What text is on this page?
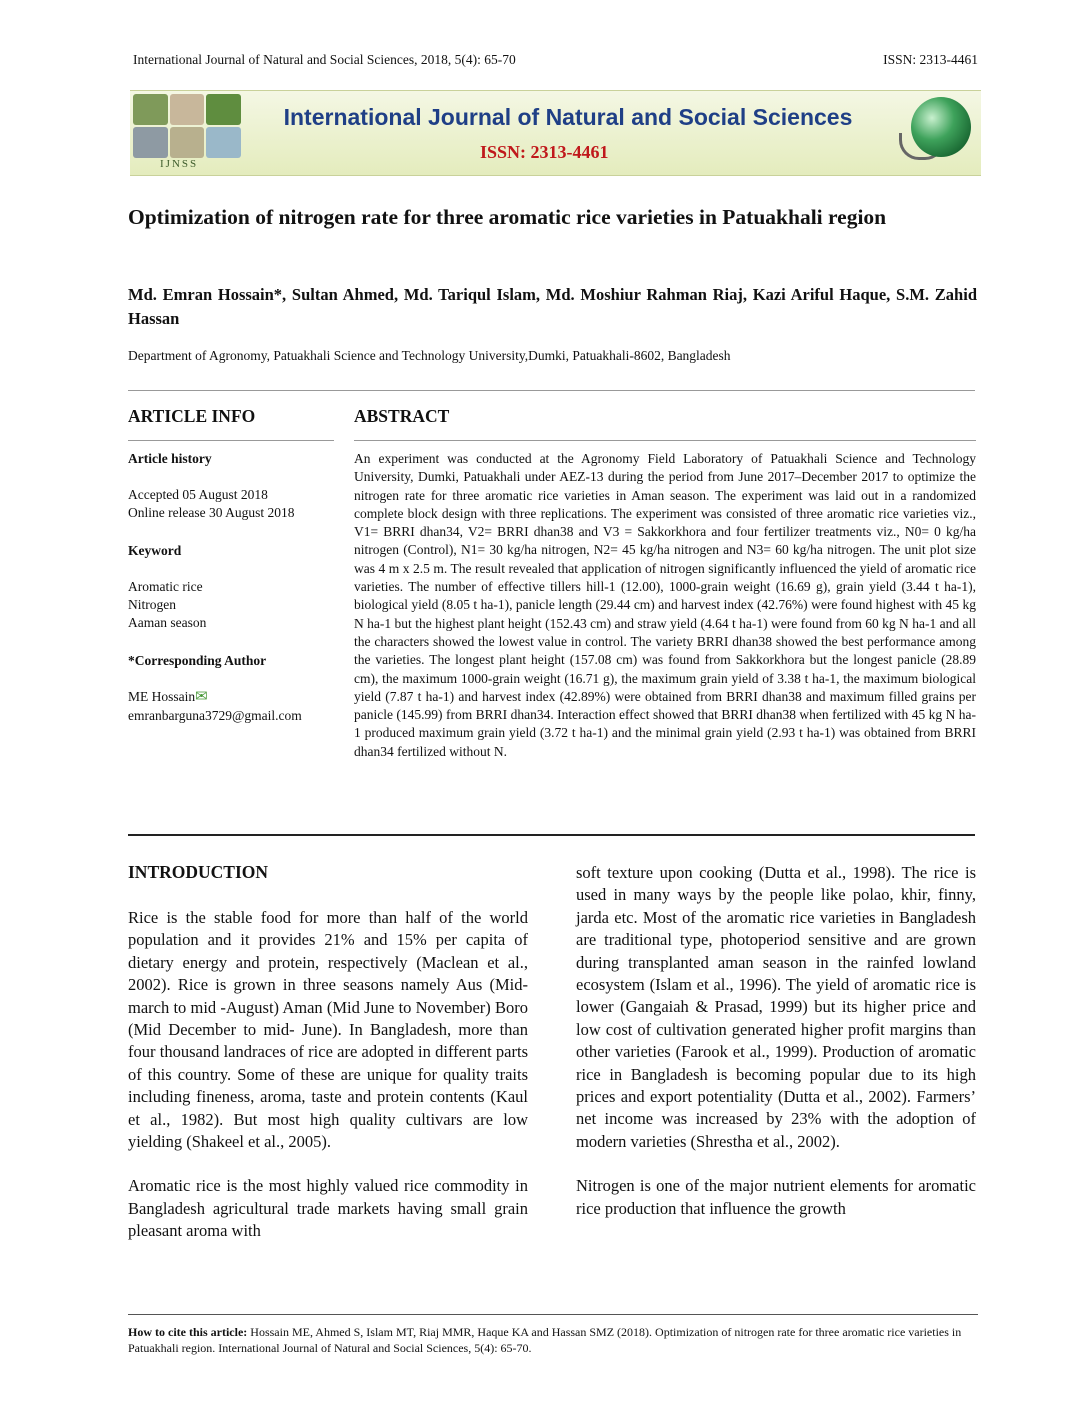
International Journal of Natural and Social Sciences, 2018, 5(4): 65-70	ISSN: 2313-4461
IJNSS
International Journal of Natural and Social Sciences
ISSN: 2313-4461
Optimization of nitrogen rate for three aromatic rice varieties in Patuakhali region
Md. Emran Hossain*, Sultan Ahmed, Md. Tariqul Islam, Md. Moshiur Rahman Riaj, Kazi Ariful Haque, S.M. Zahid Hassan
Department of Agronomy, Patuakhali Science and Technology University,Dumki, Patuakhali-8602, Bangladesh
ARTICLE INFO
Article history
Accepted 05 August 2018
Online release 30 August 2018
Keyword
Aromatic rice
Nitrogen
Aaman season
*Corresponding Author
ME Hossain✉
emranbarguna3729@gmail.com
ABSTRACT
An experiment was conducted at the Agronomy Field Laboratory of Patuakhali Science and Technology University, Dumki, Patuakhali under AEZ-13 during the period from June 2017–December 2017 to optimize the nitrogen rate for three aromatic rice varieties in Aman season. The experiment was laid out in a randomized complete block design with three replications. The experiment was consisted of three aromatic rice varieties viz., V1= BRRI dhan34, V2= BRRI dhan38 and V3 = Sakkorkhora and four fertilizer treatments viz., N0= 0 kg/ha nitrogen (Control), N1= 30 kg/ha nitrogen, N2= 45 kg/ha nitrogen and N3= 60 kg/ha nitrogen. The unit plot size was 4 m x 2.5 m. The result revealed that application of nitrogen significantly influenced the yield of aromatic rice varieties. The number of effective tillers hill-1 (12.00), 1000-grain weight (16.69 g), grain yield (3.44 t ha-1), biological yield (8.05 t ha-1), panicle length (29.44 cm) and harvest index (42.76%) were found highest with 45 kg N ha-1 but the highest plant height (152.43 cm) and straw yield (4.64 t ha-1) were found from 60 kg N ha-1 and all the characters showed the lowest value in control. The variety BRRI dhan38 showed the best performance among the varieties. The longest plant height (157.08 cm) was found from Sakkorkhora but the longest panicle (28.89 cm), the maximum 1000-grain weight (16.71 g), the maximum grain yield of 3.38 t ha-1, the maximum biological yield (7.87 t ha-1) and harvest index (42.89%) were obtained from BRRI dhan38 and maximum filled grains per panicle (145.99) from BRRI dhan34. Interaction effect showed that BRRI dhan38 when fertilized with 45 kg N ha-1 produced maximum grain yield (3.72 t ha-1) and the minimal grain yield (2.93 t ha-1) was obtained from BRRI dhan34 fertilized without N.
INTRODUCTION

Rice is the stable food for more than half of the world population and it provides 21% and 15% per capita of dietary energy and protein, respectively (Maclean et al., 2002). Rice is grown in three seasons namely Aus (Mid- march to mid -August) Aman (Mid June to November) Boro (Mid December to mid- June). In Bangladesh, more than four thousand landraces of rice are adopted in different parts of this country. Some of these are unique for quality traits including fineness, aroma, taste and protein contents (Kaul et al., 1982). But most high quality cultivars are low yielding (Shakeel et al., 2005).

Aromatic rice is the most highly valued rice commodity in Bangladesh agricultural trade markets having small grain pleasant aroma with

soft texture upon cooking (Dutta et al., 1998). The rice is used in many ways by the people like polao, khir, finny, jarda etc. Most of the aromatic rice varieties in Bangladesh are traditional type, photoperiod sensitive and are grown during transplanted aman season in the rainfed lowland ecosystem (Islam et al., 1996). The yield of aromatic rice is lower (Gangaiah & Prasad, 1999) but its higher price and low cost of cultivation generated higher profit margins than other varieties (Farook et al., 1999). Production of aromatic rice in Bangladesh is becoming popular due to its high prices and export potentiality (Dutta et al., 2002). Farmers’ net income was increased by 23% with the adoption of modern varieties (Shrestha et al., 2002).

Nitrogen is one of the major nutrient elements for aromatic rice production that influence the growth

How to cite this article: Hossain ME, Ahmed S, Islam MT, Riaj MMR, Haque KA and Hassan SMZ (2018). Optimization of nitrogen rate for three aromatic rice varieties in Patuakhali region. International Journal of Natural and Social Sciences, 5(4): 65-70.
